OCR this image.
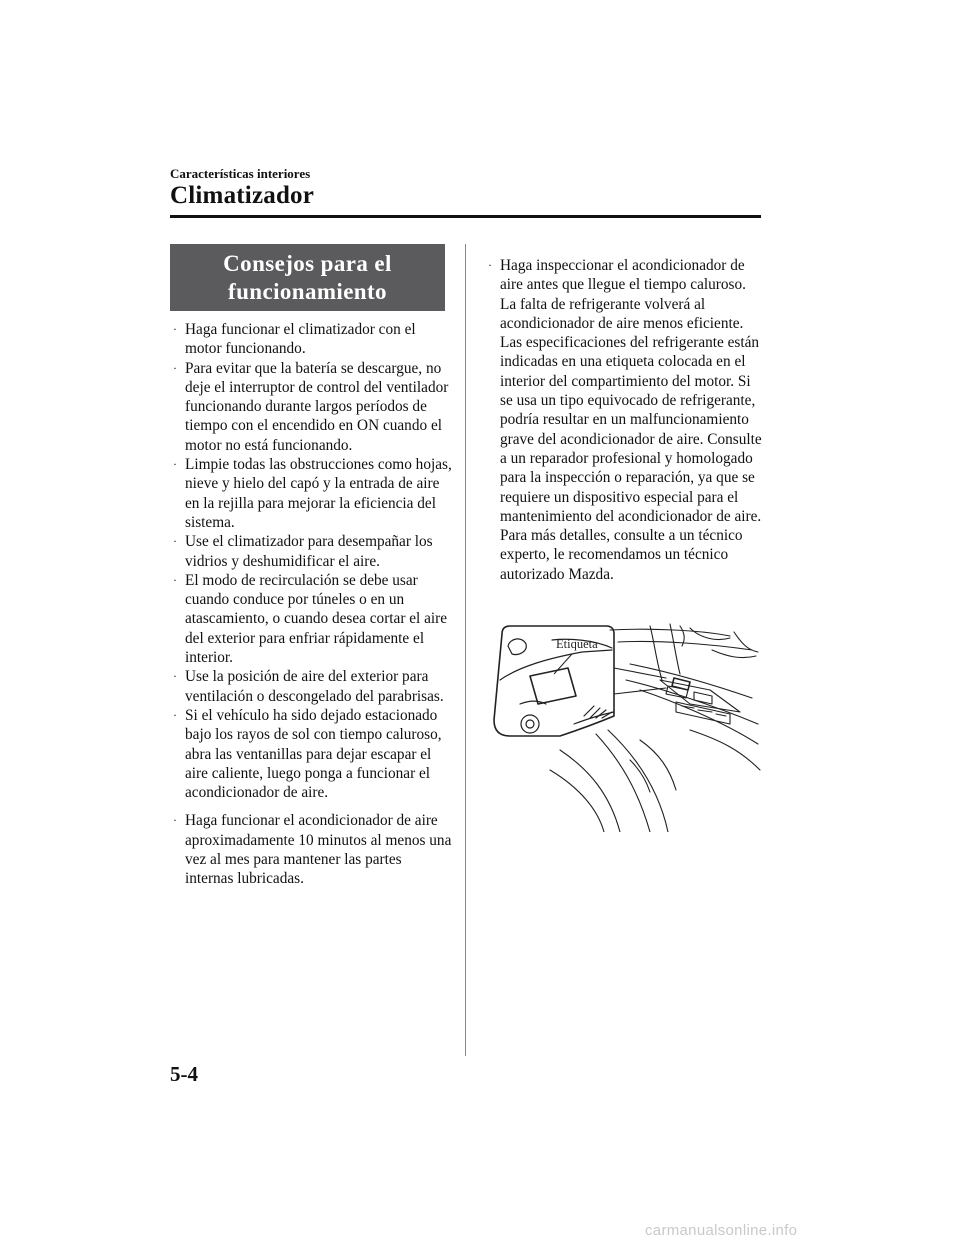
Características interiores
Climatizador
Consejos para el funcionamiento
· Haga funcionar el climatizador con el motor funcionando.
· Para evitar que la batería se descargue, no deje el interruptor de control del ventilador funcionando durante largos períodos de tiempo con el encendido en ON cuando el motor no está funcionando.
· Limpie todas las obstrucciones como hojas, nieve y hielo del capó y la entrada de aire en la rejilla para mejorar la eficiencia del sistema.
· Use el climatizador para desempañar los vidrios y deshumidificar el aire.
· El modo de recirculación se debe usar cuando conduce por túneles o en un atascamiento, o cuando desea cortar el aire del exterior para enfriar rápidamente el interior.
· Use la posición de aire del exterior para ventilación o descongelado del parabrisas.
· Si el vehículo ha sido dejado estacionado bajo los rayos de sol con tiempo caluroso, abra las ventanillas para dejar escapar el aire caliente, luego ponga a funcionar el acondicionador de aire.
· Haga funcionar el acondicionador de aire aproximadamente 10 minutos al menos una vez al mes para mantener las partes internas lubricadas.
· Haga inspeccionar el acondicionador de aire antes que llegue el tiempo caluroso. La falta de refrigerante volverá al acondicionador de aire menos eficiente. Las especificaciones del refrigerante están indicadas en una etiqueta colocada en el interior del compartimiento del motor. Si se usa un tipo equivocado de refrigerante, podría resultar en un malfuncionamiento grave del acondicionador de aire. Consulte a un reparador profesional y homologado para la inspección o reparación, ya que se requiere un dispositivo especial para el mantenimiento del acondicionador de aire.

Para más detalles, consulte a un técnico experto, le recomendamos un técnico autorizado Mazda.

Etiqueta
5-4
carmanualsonline.info
